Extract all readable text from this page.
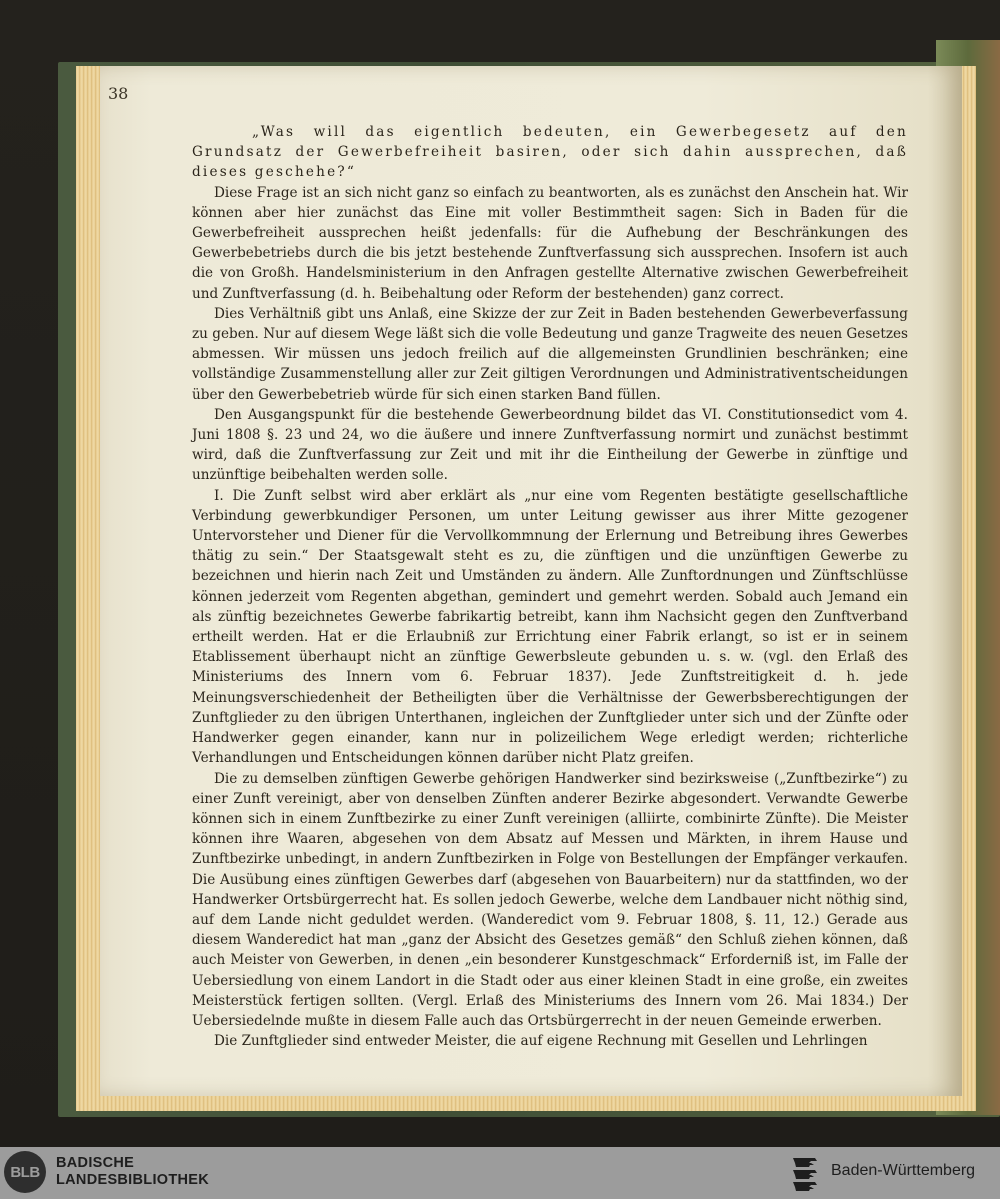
38

„Was will das eigentlich bedeuten, ein Gewerbegesetz auf den Grundsatz der Gewerbefreiheit basiren, oder sich dahin aussprechen, daß dieses geschehe?“

Diese Frage ist an sich nicht ganz so einfach zu beantworten, als es zunächst den Anschein hat. Wir können aber hier zunächst das Eine mit voller Bestimmtheit sagen: Sich in Baden für die Gewerbefreiheit aussprechen heißt jedenfalls: für die Aufhebung der Beschränkungen des Gewerbebetriebs durch die bis jetzt bestehende Zunftverfassung sich aussprechen. Insofern ist auch die von Großh. Handelsministerium in den Anfragen gestellte Alternative zwischen Gewerbefreiheit und Zunftverfassung (d. h. Beibehaltung oder Reform der bestehenden) ganz correct.

Dies Verhältniß gibt uns Anlaß, eine Skizze der zur Zeit in Baden bestehenden Gewerbeverfassung zu geben. Nur auf diesem Wege läßt sich die volle Bedeutung und ganze Tragweite des neuen Gesetzes abmessen. Wir müssen uns jedoch freilich auf die allgemeinsten Grundlinien beschränken; eine vollständige Zusammenstellung aller zur Zeit giltigen Verordnungen und Administrativentscheidungen über den Gewerbebetrieb würde für sich einen starken Band füllen.

Den Ausgangspunkt für die bestehende Gewerbeordnung bildet das VI. Constitutionsedict vom 4. Juni 1808 §. 23 und 24, wo die äußere und innere Zunftverfassung normirt und zunächst bestimmt wird, daß die Zunftverfassung zur Zeit und mit ihr die Eintheilung der Gewerbe in zünftige und unzünftige beibehalten werden solle.

I. Die Zunft selbst wird aber erklärt als „nur eine vom Regenten bestätigte gesellschaftliche Verbindung gewerbkundiger Personen, um unter Leitung gewisser aus ihrer Mitte gezogener Untervorsteher und Diener für die Vervollkommnung der Erlernung und Betreibung ihres Gewerbes thätig zu sein.“ Der Staatsgewalt steht es zu, die zünftigen und die unzünftigen Gewerbe zu bezeichnen und hierin nach Zeit und Umständen zu ändern. Alle Zunftordnungen und Zünftschlüsse können jederzeit vom Regenten abgethan, gemindert und gemehrt werden. Sobald auch Jemand ein als zünftig bezeichnetes Gewerbe fabrikartig betreibt, kann ihm Nachsicht gegen den Zunftverband ertheilt werden. Hat er die Erlaubniß zur Errichtung einer Fabrik erlangt, so ist er in seinem Etablissement überhaupt nicht an zünftige Gewerbsleute gebunden u. s. w. (vgl. den Erlaß des Ministeriums des Innern vom 6. Februar 1837). Jede Zunftstreitigkeit d. h. jede Meinungsverschiedenheit der Betheiligten über die Verhältnisse der Gewerbsberechtigungen der Zunftglieder zu den übrigen Unterthanen, ingleichen der Zunftglieder unter sich und der Zünfte oder Handwerker gegen einander, kann nur in polizeilichem Wege erledigt werden; richterliche Verhandlungen und Entscheidungen können darüber nicht Platz greifen.

Die zu demselben zünftigen Gewerbe gehörigen Handwerker sind bezirksweise („Zunftbezirke“) zu einer Zunft vereinigt, aber von denselben Zünften anderer Bezirke abgesondert. Verwandte Gewerbe können sich in einem Zunftbezirke zu einer Zunft vereinigen (alliirte, combinirte Zünfte). Die Meister können ihre Waaren, abgesehen von dem Absatz auf Messen und Märkten, in ihrem Hause und Zunftbezirke unbedingt, in andern Zunftbezirken in Folge von Bestellungen der Empfänger verkaufen. Die Ausübung eines zünftigen Gewerbes darf (abgesehen von Bauarbeitern) nur da stattfinden, wo der Handwerker Ortsbürgerrecht hat. Es sollen jedoch Gewerbe, welche dem Landbauer nicht nöthig sind, auf dem Lande nicht geduldet werden. (Wanderedict vom 9. Februar 1808, §. 11, 12.) Gerade aus diesem Wanderedict hat man „ganz der Absicht des Gesetzes gemäß“ den Schluß ziehen können, daß auch Meister von Gewerben, in denen „ein besonderer Kunstgeschmack“ Erforderniß ist, im Falle der Uebersiedlung von einem Landort in die Stadt oder aus einer kleinen Stadt in eine große, ein zweites Meisterstück fertigen sollten. (Vergl. Erlaß des Ministeriums des Innern vom 26. Mai 1834.) Der Uebersiedelnde mußte in diesem Falle auch das Ortsbürgerrecht in der neuen Gemeinde erwerben.

Die Zunftglieder sind entweder Meister, die auf eigene Rechnung mit Gesellen und Lehrlingen

BLB
BADISCHE
LANDESBIBLIOTHEK
Baden-Württemberg
